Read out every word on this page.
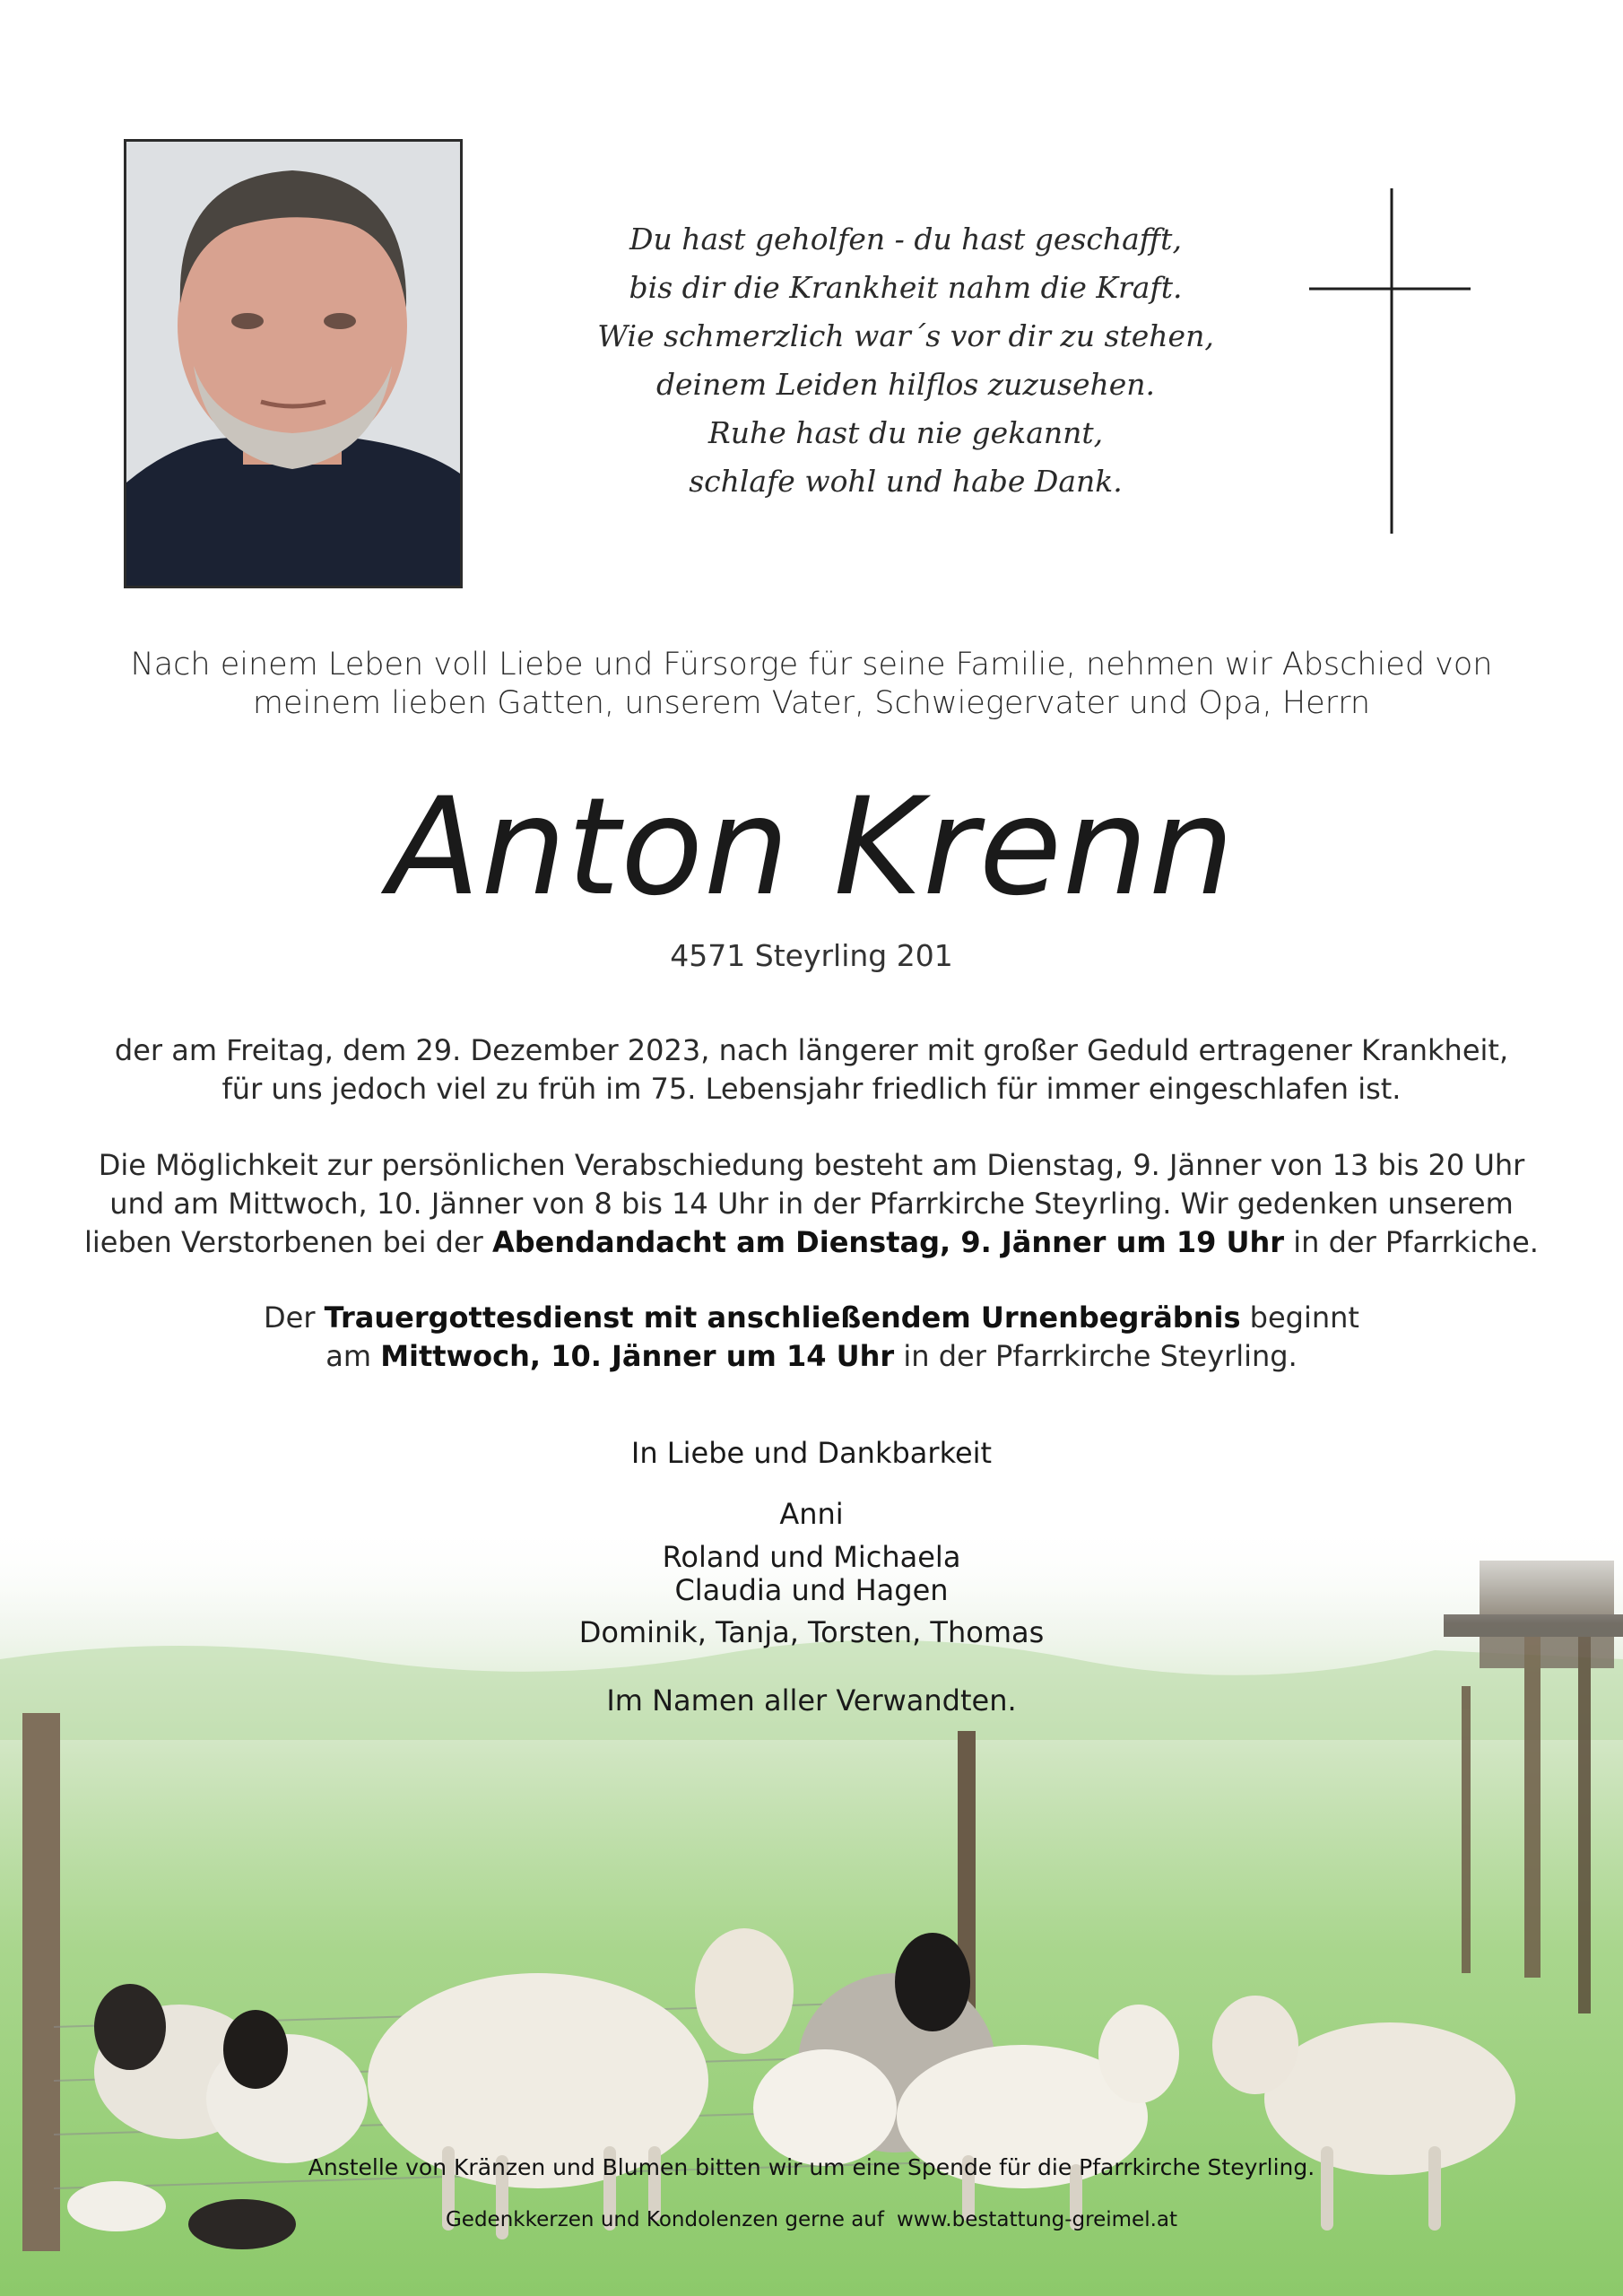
Du hast geholfen - du hast geschafft,
bis dir die Krankheit nahm die Kraft.
Wie schmerzlich war´s vor dir zu stehen,
deinem Leiden hilflos zuzusehen.
Ruhe hast du nie gekannt,
schlafe wohl und habe Dank.
Nach einem Leben voll Liebe und Fürsorge für seine Familie, nehmen wir Abschied von
meinem lieben Gatten, unserem Vater, Schwiegervater und Opa, Herrn
Anton Krenn
4571 Steyrling 201
der am Freitag, dem 29. Dezember 2023, nach längerer mit großer Geduld ertragener Krankheit,
für uns jedoch viel zu früh im 75. Lebensjahr friedlich für immer eingeschlafen ist.
Die Möglichkeit zur persönlichen Verabschiedung besteht am Dienstag, 9. Jänner von 13 bis 20 Uhr
und am Mittwoch, 10. Jänner von 8 bis 14 Uhr in der Pfarrkirche Steyrling. Wir gedenken unserem
lieben Verstorbenen bei der Abendandacht am Dienstag, 9. Jänner um 19 Uhr in der Pfarrkiche.
Der Trauergottesdienst mit anschließendem Urnenbegräbnis beginnt
am Mittwoch, 10. Jänner um 14 Uhr in der Pfarrkirche Steyrling.
In Liebe und Dankbarkeit
Anni
Roland und Michaela
Claudia und Hagen
Dominik, Tanja, Torsten, Thomas
Im Namen aller Verwandten.
Anstelle von Kränzen und Blumen bitten wir um eine Spende für die Pfarrkirche Steyrling.
Gedenkkerzen und Kondolenzen gerne auf www.bestattung-greimel.at
